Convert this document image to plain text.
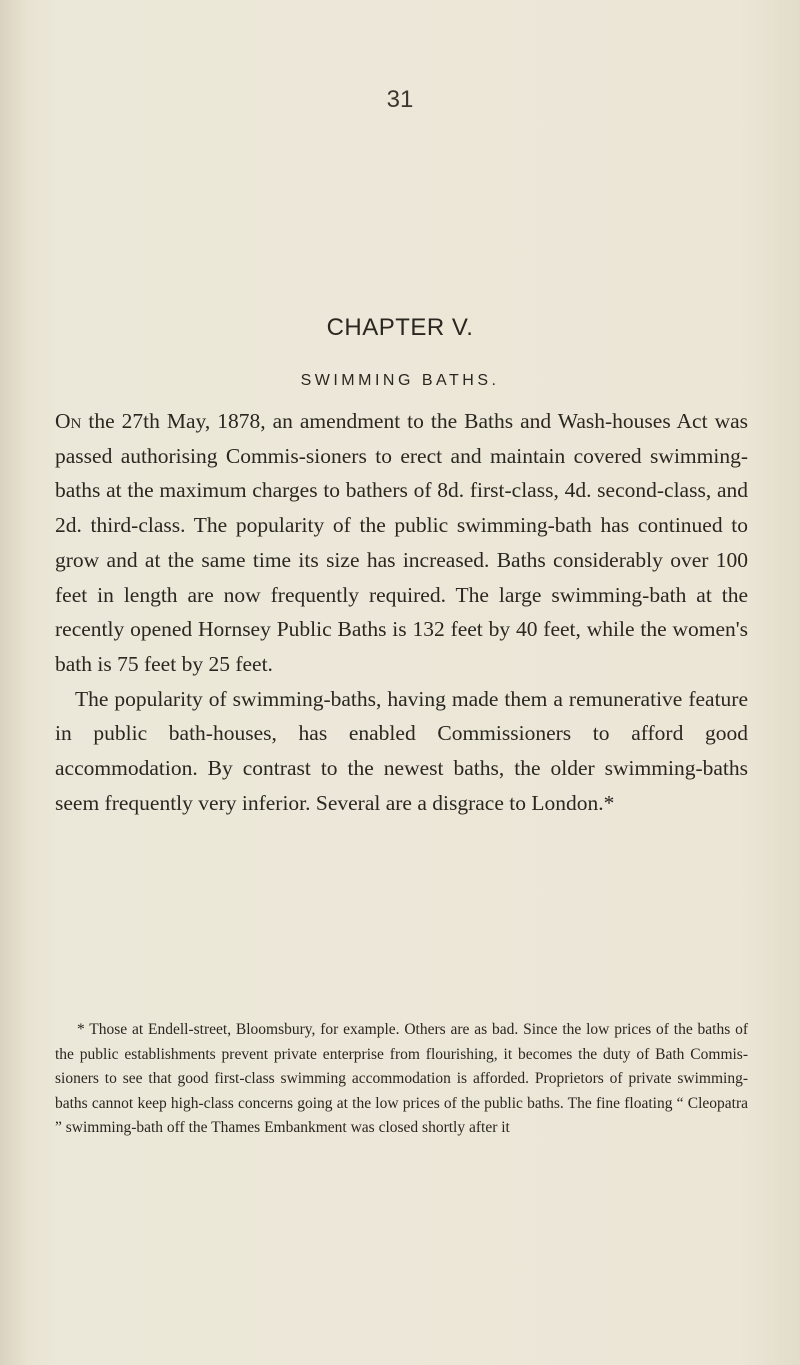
31
CHAPTER V.
SWIMMING BATHS.

On the 27th May, 1878, an amendment to the Baths and Wash-houses Act was passed authorising Commis-sioners to erect and maintain covered swimming-baths at the maximum charges to bathers of 8d. first-class, 4d. second-class, and 2d. third-class. The popularity of the public swimming-bath has continued to grow and at the same time its size has increased. Baths considerably over 100 feet in length are now frequently required. The large swimming-bath at the recently opened Hornsey Public Baths is 132 feet by 40 feet, while the women's bath is 75 feet by 25 feet.

The popularity of swimming-baths, having made them a remunerative feature in public bath-houses, has enabled Commissioners to afford good accommodation. By contrast to the newest baths, the older swimming-baths seem frequently very inferior. Several are a disgrace to London.*

* Those at Endell-street, Bloomsbury, for example. Others are as bad. Since the low prices of the baths of the public establishments prevent private enterprise from flourishing, it becomes the duty of Bath Commis-sioners to see that good first-class swimming accommodation is afforded. Proprietors of private swimming-baths cannot keep high-class concerns going at the low prices of the public baths. The fine floating “ Cleopatra ” swimming-bath off the Thames Embankment was closed shortly after it
